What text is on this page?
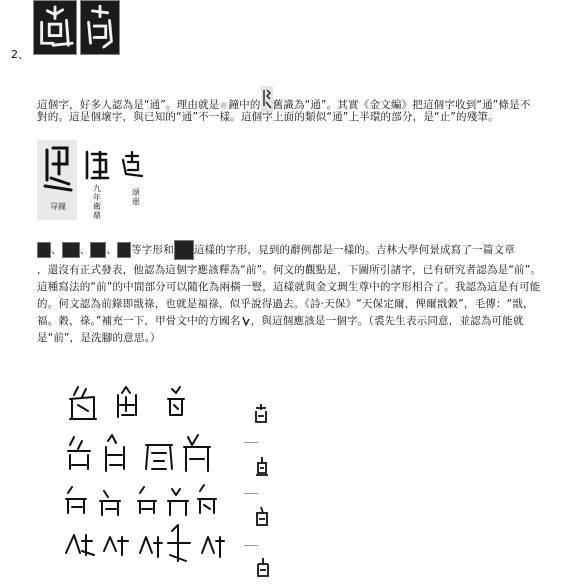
2、

這個字，好多人認為是“通”。理由就是 鐘中的 舊識為“通”。其實《金文編》把這個字收到“通”條是不

對的。這是個壞字，與已知的“通”不一樣。這個字上面的類似“通”上半環的部分，是“止”的殘筆。

㝵鐘
九年衛鼎
頌壺

、 、 、 等字形和 這樣的字形，見到的辭例都是一樣的。吉林大學何景成寫了一篇文章

，還沒有正式發表，他認為這個字應該釋為“前”。何文的觀點是，下圖所引諸字，已有研究者認為是“前”。

這種寫法的“前”的中間部分可以隨化為兩橫一豎，這樣就與金文琱生尊中的字形相合了。我認為這是有可能

的。何文認為前錄即戩祿，也就是福祿，似乎說得過去。《詩·天保》“天保定爾，俾爾戩穀”，毛傳：“戩，

福。穀，祿。”補充一下，甲骨文中的方國名 ，與這個應該是一個字。（裘先生表示同意，並認為可能就

是“前”，是洗腳的意思。）
